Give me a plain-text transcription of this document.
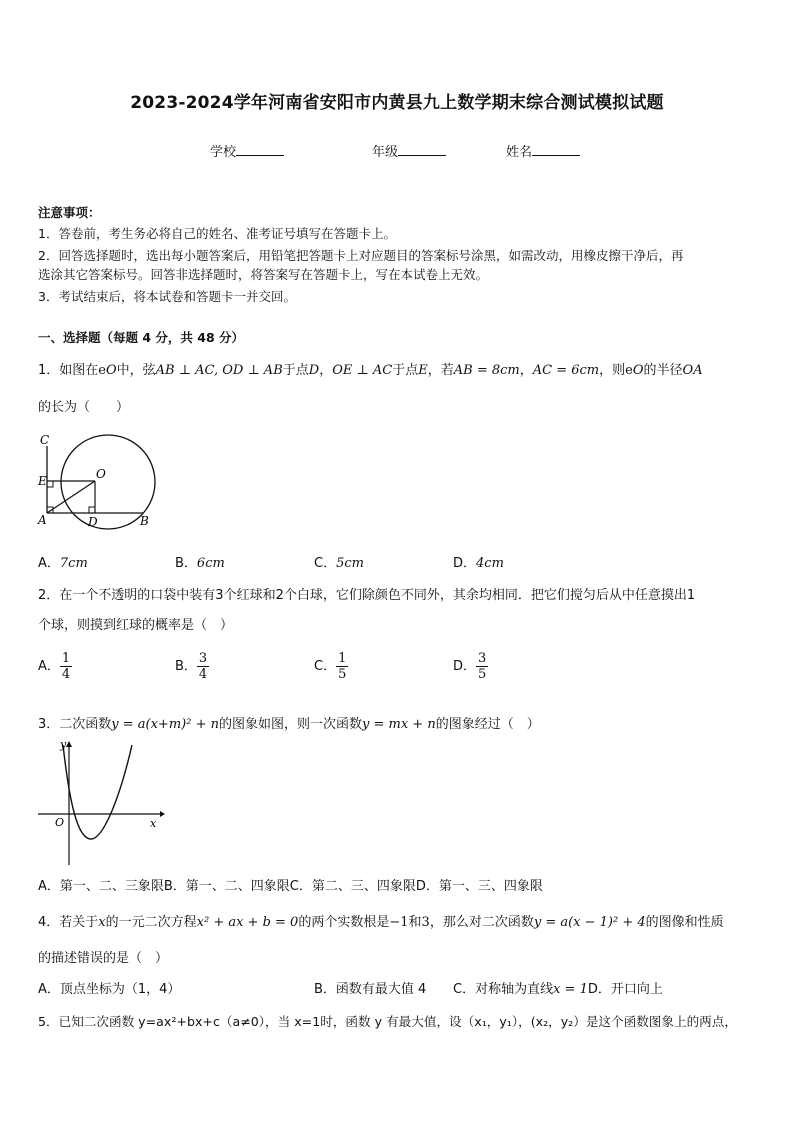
2023-2024学年河南省安阳市内黄县九上数学期末综合测试模拟试题
学校	年级	姓名
注意事项：
1．答卷前，考生务必将自己的姓名、准考证号填写在答题卡上。
2．回答选择题时，选出每小题答案后，用铅笔把答题卡上对应题目的答案标号涂黑，如需改动，用橡皮擦干净后，再
选涂其它答案标号。回答非选择题时，将答案写在答题卡上，写在本试卷上无效。
3．考试结束后，将本试卷和答题卡一并交回。
一、选择题（每题 4 分，共 48 分）
1．如图在eO中，弦AB ⊥ AC, OD ⊥ AB于点D，OE ⊥ AC于点E，若AB = 8cm，AC = 6cm，则eO的半径OA
的长为（　　）
C
E
A
O
D	B
A．7cm	B．6cm	C．5cm	D．4cm
2．在一个不透明的口袋中装有3个红球和2个白球，它们除颜色不同外，其余均相同．把它们搅匀后从中任意摸出1
个球，则摸到红球的概率是（　）
A． $\frac{1}{4}$	B． $\frac{3}{4}$	C． $\frac{1}{5}$	D． $\frac{3}{5}$
3．二次函数y = a(x+m)² + n的图象如图，则一次函数y = mx + n的图象经过（　）
y
x
O
A．第一、二、三象限B．第一、二、四象限C．第二、三、四象限D．第一、三、四象限
4．若关于x的一元二次方程x² + ax + b = 0的两个实数根是−1和3，那么对二次函数y = a(x − 1)² + 4的图像和性质
的描述错误的是（　）
A．顶点坐标为（1，4）	B．函数有最大值 4 C．对称轴为直线x = 1D．开口向上
5．已知二次函数 y=ax²+bx+c（a≠0），当 x=1时，函数 y 有最大值，设（x₁，y₁），(x₂，y₂）是这个函数图象上的两点，
